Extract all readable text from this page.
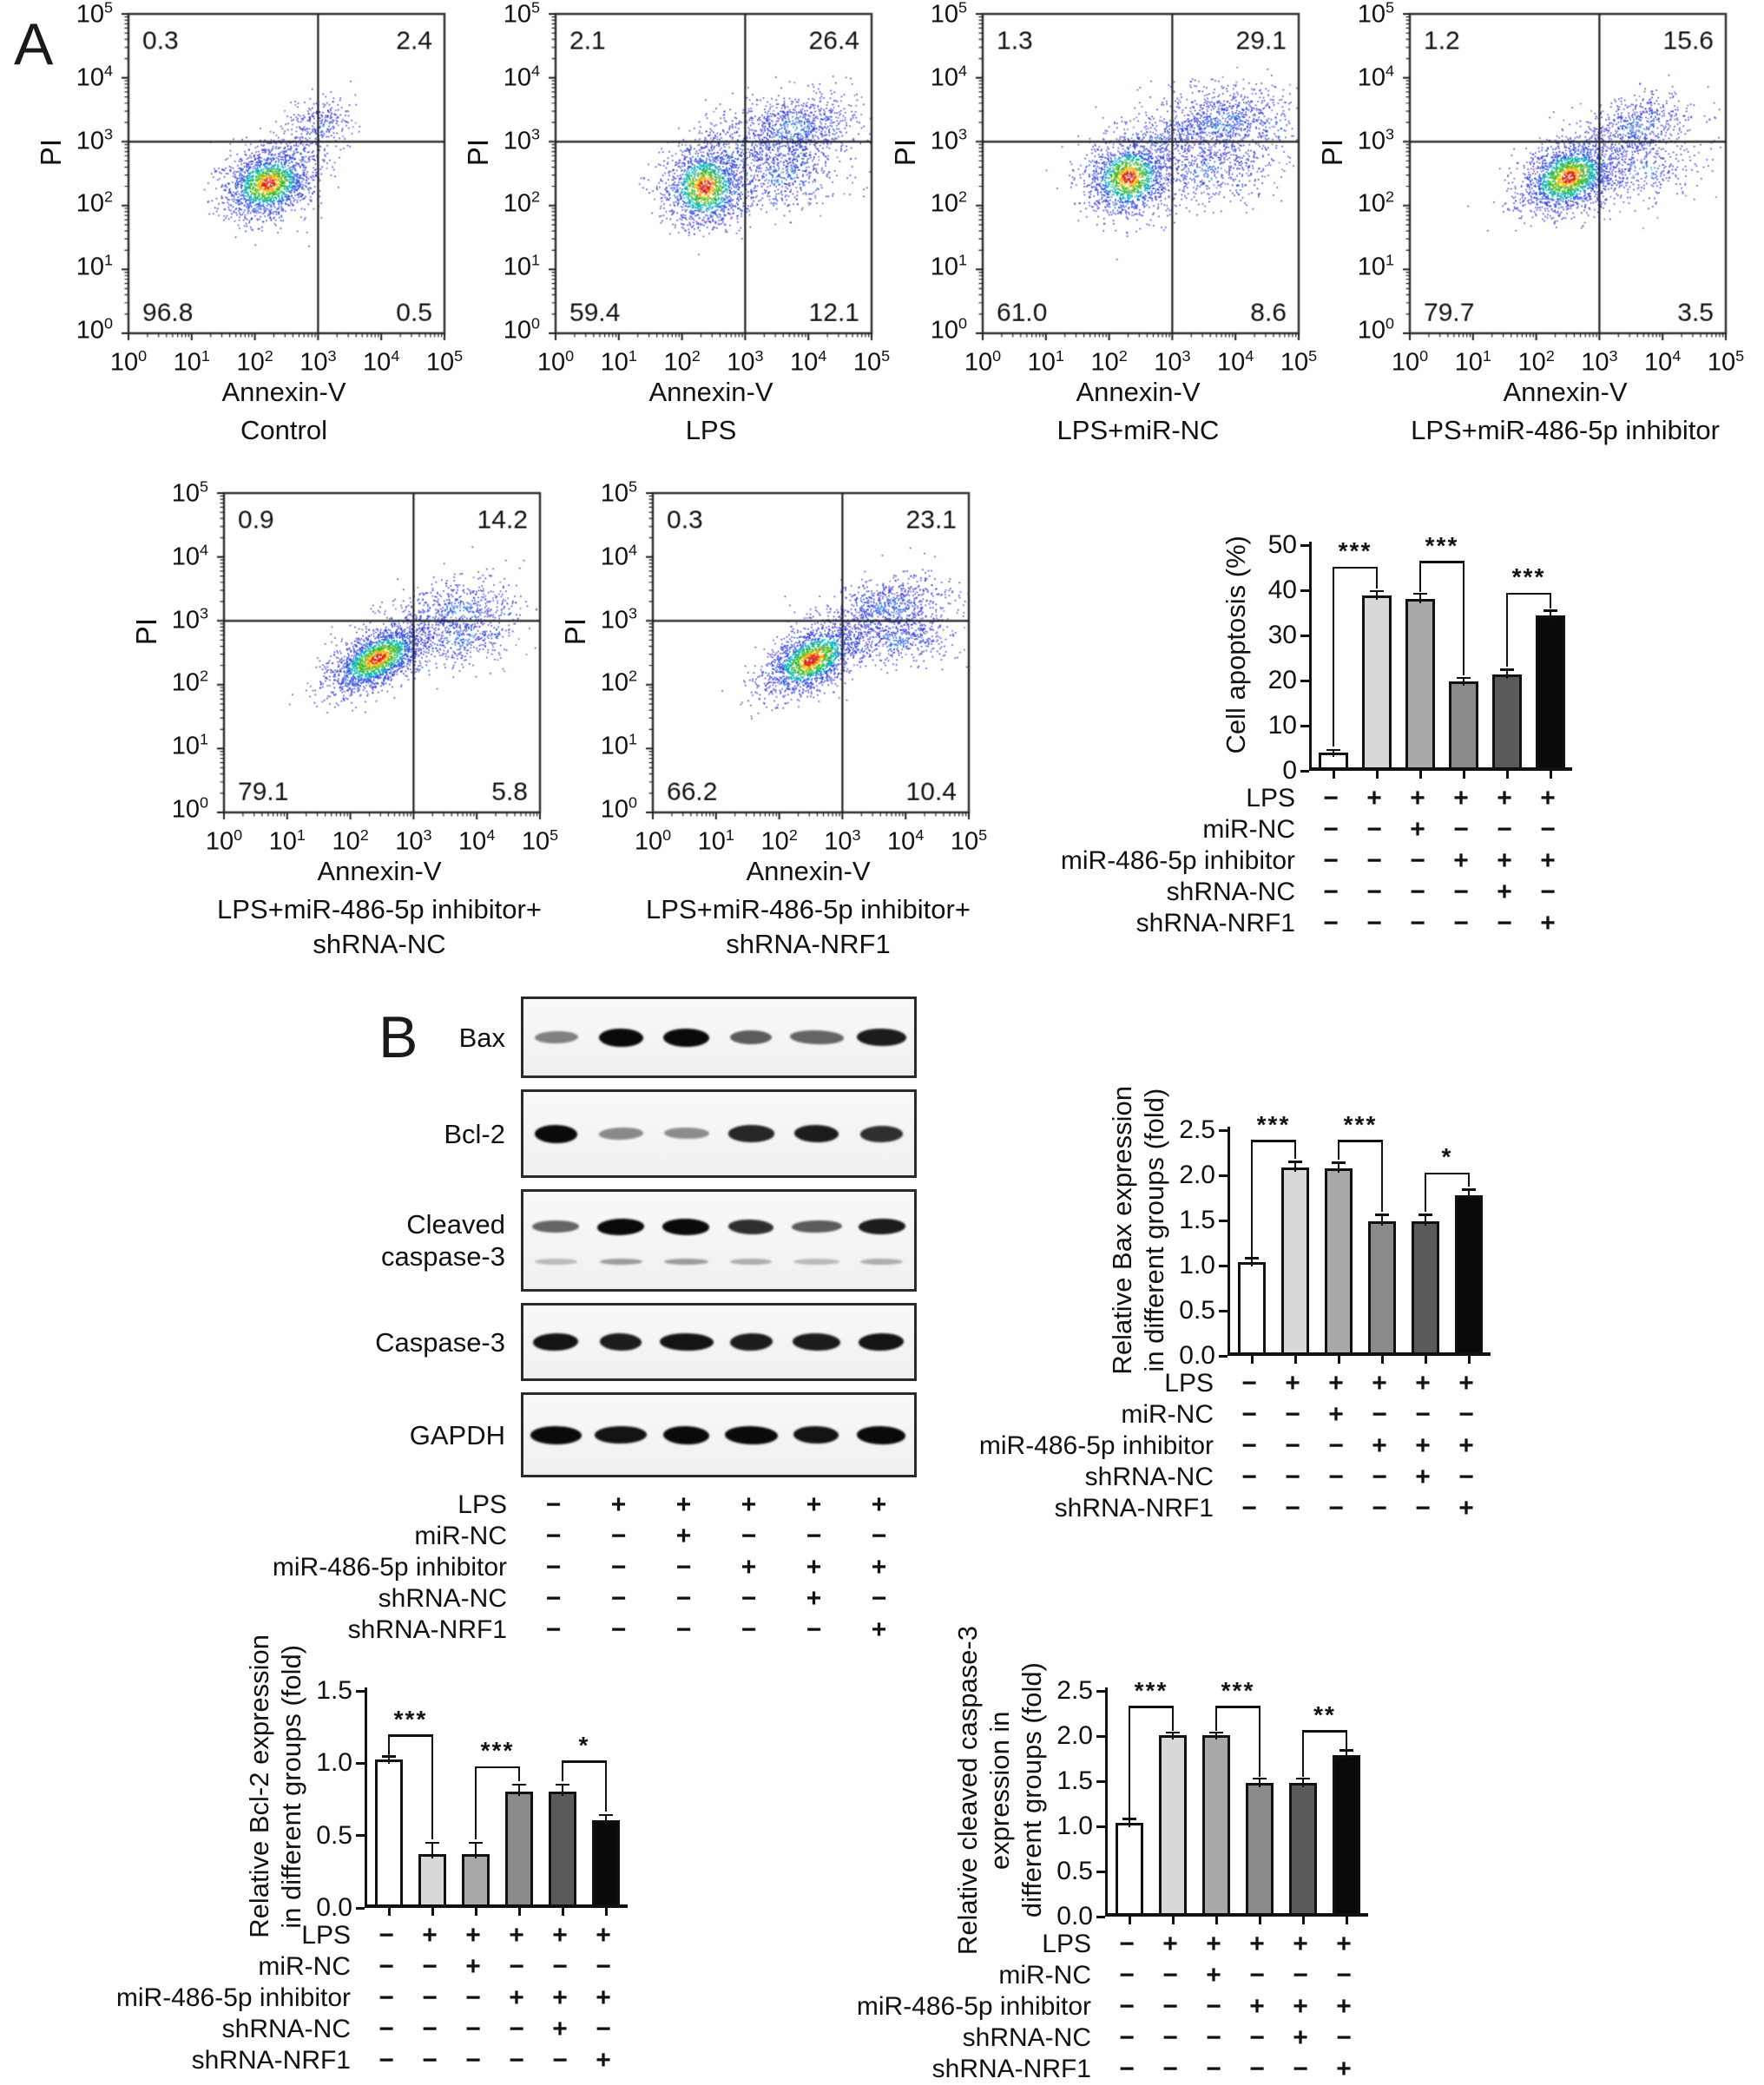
A
PI
$10^0$
$10^1$
$10^2$
$10^3$
$10^4$
$10^5$
$10^0$ $10^1$ $10^2$ $10^3$ $10^4$ $10^5$
Annexin-V
Control
PI
$10^0$
$10^1$
$10^2$
$10^3$
$10^4$
$10^5$
$10^0$ $10^1$ $10^2$ $10^3$ $10^4$ $10^5$
Annexin-V
LPS
PI
$10^0$
$10^1$
$10^2$
$10^3$
$10^4$
$10^5$
$10^0$ $10^1$ $10^2$ $10^3$ $10^4$ $10^5$
Annexin-V
LPS+miR-NC
PI
$10^0$
$10^1$
$10^2$
$10^3$
$10^4$
$10^5$
$10^0$ $10^1$ $10^2$ $10^3$ $10^4$ $10^5$
Annexin-V
LPS+miR-486-5p inhibitor
PI
$10^0$
$10^1$
$10^2$
$10^3$
$10^4$
$10^5$
$10^0$ $10^1$ $10^2$ $10^3$ $10^4$ $10^5$
Annexin-V
LPS+miR-486-5p inhibitor+
shRNA-NC
PI
$10^0$
$10^1$
$10^2$
$10^3$
$10^4$
$10^5$
$10^0$ $10^1$ $10^2$ $10^3$ $10^4$ $10^5$
Annexin-V
LPS+miR-486-5p inhibitor+
shRNA-NRF1
Cell apoptosis (%)
0
10
20
30
40
50 *** ***
***
LPS	−	+	+	+	+	+
miR-NC	−	−	+	−	−	−
miR-486-5p inhibitor	−	−	−	+	+	+
shRNA-NC	−	−	−	−	+	−
shRNA-NRF1	−	−	−	−	−	+
B	Bax
Bcl-2
Cleaved
caspase-3
Caspase-3
GAPDH
LPS	−	+	+	+	+	+
miR-NC	−	−	+	−	−	−
miR-486-5p inhibitor	−	−	−	+	+	+
shRNA-NC	−	−	−	−	+	−
shRNA-NRF1	−	−	−	−	−	+
Relative Bax expression in different groups (fold) 0.0
0.5
1.0
1.5
2.0
2.5 *** ***
*
LPS	−	+	+	+	+	+
miR-NC	−	−	+	−	−	−
miR-486-5p inhibitor	−	−	−	+	+	+
shRNA-NC	−	−	−	−	+	−
shRNA-NRF1	−	−	−	−	−	+
Relative Bcl-2 expression in different groups (fold) 0.0
0.5
1.0
1.5
***
***	*
LPS	−	+	+	+	+	+
miR-NC	−	−	+	−	−	−
miR-486-5p inhibitor	−	−	−	+	+	+
shRNA-NC	−	−	−	−	+	−
shRNA-NRF1	−	−	−	−	−	+
Relative cleaved caspase-3 expression in different groups (fold) 0.0
0.5
1.0
1.5
2.0
2.5 *** ***
**
LPS	−	+	+	+	+	+
miR-NC	−	−	+	−	−	−
miR-486-5p inhibitor	−	−	−	+	+	+
shRNA-NC	−	−	−	−	+	−
shRNA-NRF1	−	−	−	−	−	+
